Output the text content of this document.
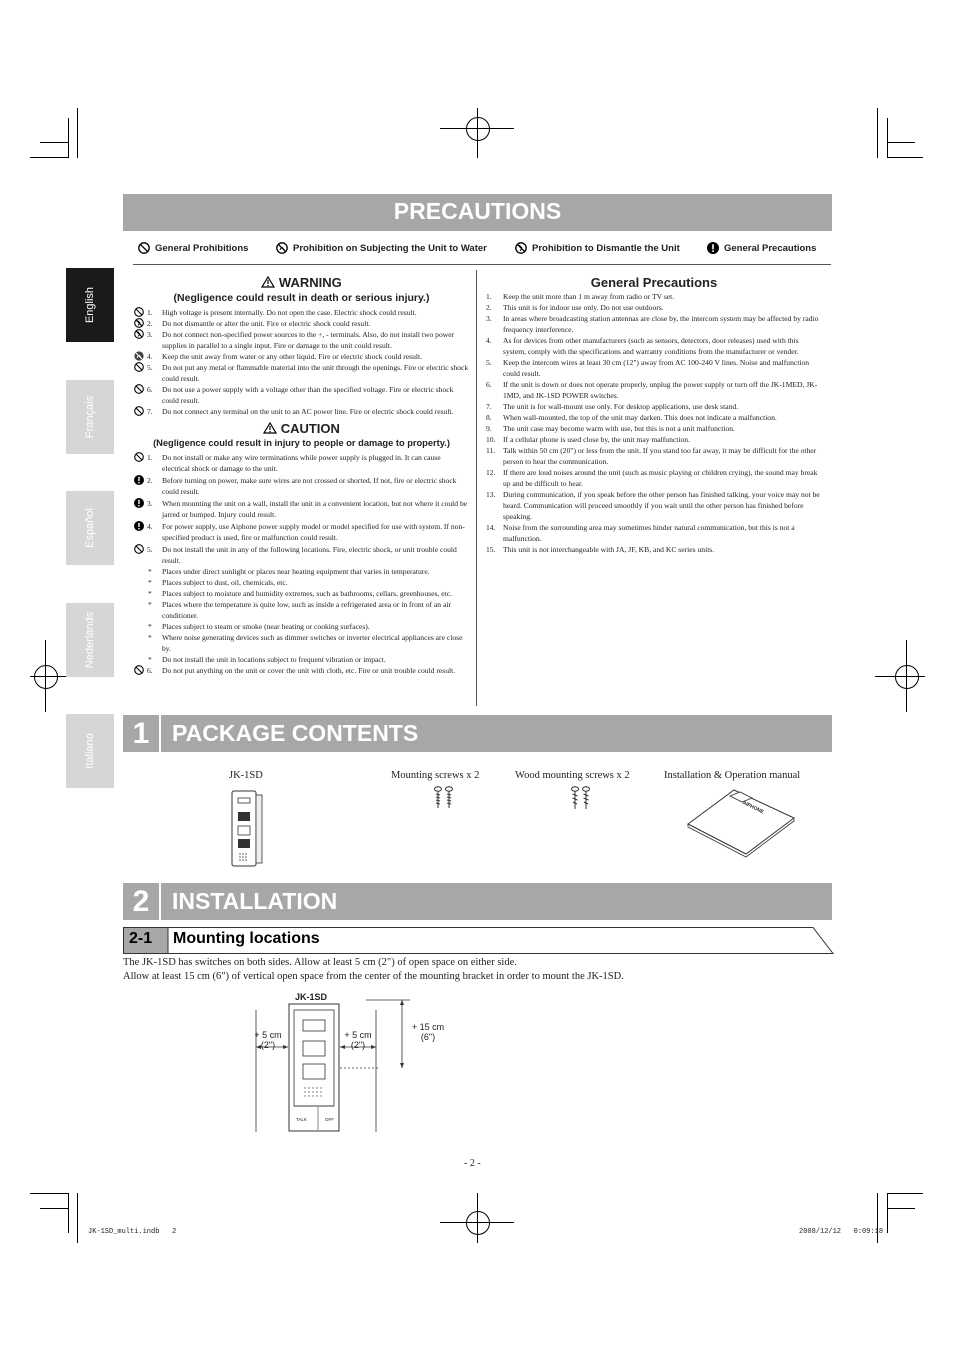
English
Français
Español
Nederlands
Italiano
PRECAUTIONS
General Prohibitions	Prohibition on Subjecting the Unit to Water	Prohibition to Dismantle the Unit	General Precautions
WARNING
(Negligence could result in death or serious injury.)
1. High voltage is present internally. Do not open the case. Electric shock could result.
2. Do not dismantle or alter the unit. Fire or electric shock could result.
3. Do not connect non-specified power sources to the +, - terminals. Also, do not install two power supplies in parallel to a single input. Fire or damage to the unit could result.
4. Keep the unit away from water or any other liquid. Fire or electric shock could result.
5. Do not put any metal or flammable material into the unit through the openings. Fire or electric shock could result.
6. Do not use a power supply with a voltage other than the specified voltage. Fire or electric shock could result.
7. Do not connect any terminal on the unit to an AC power line. Fire or electric shock could result.
CAUTION
(Negligence could result in injury to people or damage to property.)
1. Do not install or make any wire terminations while power supply is plugged in. It can cause electrical shock or damage to the unit.
2. Before turning on power, make sure wires are not crossed or shorted. If not, fire or electric shock could result.
3. When mounting the unit on a wall, install the unit in a convenient location, but not where it could be jarred or bumped. Injury could result.
4. For power supply, use Aiphone power supply model or model specified for use with system. If non-specified product is used, fire or malfunction could result.
5. Do not install the unit in any of the following locations. Fire, electric shock, or unit trouble could result.
* Places under direct sunlight or places near heating equipment that varies in temperature.
* Places subject to dust, oil, chemicals, etc.
* Places subject to moisture and humidity extremes, such as bathrooms, cellars, greenhouses, etc.
* Places where the temperature is quite low, such as inside a refrigerated area or in front of an air conditioner.
* Places subject to steam or smoke (near heating or cooking surfaces).
* Where noise generating devices such as dimmer switches or inverter electrical appliances are close by.
* Do not install the unit in locations subject to frequent vibration or impact.
6. Do not put anything on the unit or cover the unit with cloth, etc. Fire or unit trouble could result.
General Precautions
1. Keep the unit more than 1 m away from radio or TV set.
2. This unit is for indoor use only. Do not use outdoors.
3. In areas where broadcasting station antennas are close by, the intercom system may be affected by radio frequency interference.
4. As for devices from other manufacturers (such as sensors, detectors, door releases) used with this system, comply with the specifications and warranty conditions from the manufacturer or vender.
5. Keep the intercom wires at least 30 cm (12") away from AC 100-240 V lines. Noise and malfunction could result.
6. If the unit is down or does not operate properly, unplug the power supply or turn off the JK-1MED, JK-1MD, and JK-1SD POWER switches.
7. The unit is for wall-mount use only. For desktop applications, use desk stand.
8. When wall-mounted, the top of the unit may darken. This does not indicate a malfunction.
9. The unit case may become warm with use, but this is not a unit malfunction.
10. If a cellular phone is used close by, the unit may malfunction.
11. Talk within 50 cm (20") or less from the unit. If you stand too far away, it may be difficult for the other person to hear the communication.
12. If there are loud noises around the unit (such as music playing or children crying), the sound may break up and be difficult to hear.
13. During communication, if you speak before the other person has finished talking, your voice may not be heard. Communication will proceed smoothly if you wait until the other person has finished before speaking.
14. Noise from the surrounding area may sometimes hinder natural communication, but this is not a malfunction.
15. This unit is not interchangeable with JA, JF, KB, and KC series units.
1 PACKAGE CONTENTS
JK-1SD	Mounting screws x 2	Wood mounting screws x 2	Installation & Operation manual
AIPHONE
2 INSTALLATION
2-1 Mounting locations
The JK-1SD has switches on both sides. Allow at least 5 cm (2") of open space on either side.
Allow at least 15 cm (6") of vertical open space from the center of the mounting bracket in order to mount the JK-1SD.
JK-1SD
+ 5 cm
(2")
+ 5 cm
(2")
+ 15 cm
(6")
TALK	OFF
- 2 -
JK-1SD_multi.indb   2	2008/12/12   0:09:18
